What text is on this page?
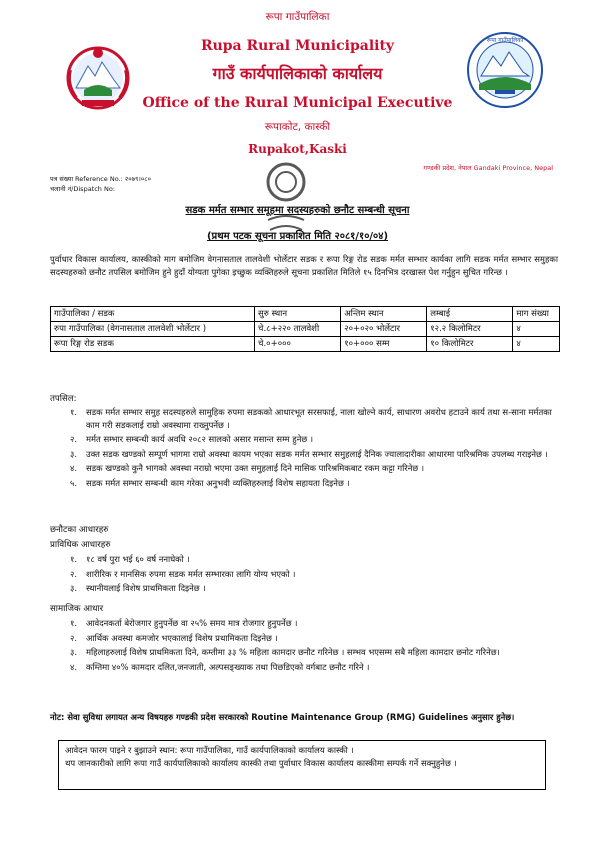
रूपा गाउँपालिका
Rupa Rural Municipality
गाउँ कार्यपालिकाको कार्यालय
Office of the Rural Municipal Executive
रूपाकोट, कास्की
Rupakot,Kaski
रूपा गाउँपालिका
गण्डकी प्रदेश, नेपाल Gandaki Province, Nepal
पत्र संख्या Reference No.: २०७९।०८०
चलानी नं/Dispatch No:
सडक मर्मत सम्भार समूहमा सदस्यहरुको छनौट सम्बन्धी सूचना
(प्रथम पटक सूचना प्रकाशित मिति २०८१/१०/०४)
पुर्वाधार विकास कार्यालय, कास्कीको माग बमोजिम वेगनासताल तालवेशी भोर्लेटार सडक र रूपा रिङ्ग रोड सडक मर्मत सम्भार कार्यका लागि सडक मर्मत सम्भार समुहका सदस्यहरुको छनौट तपसिल बमोजिम हुने हुदाँ योग्यता पुगेका इच्छुक व्यक्तिहरुले सूचना प्रकाशित मितिले १५ दिनभित्र दरखास्त पेश गर्नुहुन सुचित गरिन्छ ।
गाउँपालिका / सडक	सुरु स्थान	अन्तिम स्थान	लम्बाई	माग संख्या
रुपा गाउँपालिका (वेगनासताल तालवेशी भोर्लेटार )	चे.८+२२० तालवेशी	२०+०२० भोर्लेटार	१२.२ किलोमिटर	४
रूपा रिङ्ग रोड सडक	चे.०+०००	१०+००० सम्म	१० किलोमिटर	४
तपसिल:
१. सडक मर्मत सम्भार समुह सदस्यहरुले सामुहिक रुपमा सडकको आधारभूत सरसफाई, नाला खोल्ने कार्य, साधारण अवरोध हटाउने कार्य तथा स-साना मर्मतका काम गरी सडकलाई राम्रो अवस्थामा राख्नुपर्नेछ ।
२. मर्मत सम्भार सम्बन्धी कार्य अवधि २०८२ सालको असार मसान्त सम्म हुनेछ ।
३. उक्त सडक खण्डको सम्पूर्ण भागमा राम्रो अवस्था कायम भएका सडक मर्मत सम्भार समुहलाई दैनिक ज्यालादारीका आधारमा पारिश्रमिक उपलब्ध गराइनेछ ।
४. सडक खण्डको कुनै भागको अवस्था नराम्रो भएमा उक्त समुहलाई दिने मासिक पारिश्रमिकबाट रकम कट्टा गरिनेछ ।
५. सडक मर्मत सम्भार सम्बन्धी काम गरेका अनुभवी व्यक्तिहरुलाई विशेष सहायता दिइनेछ ।
छनौटका आधारहरु
प्राविधिक आधारहरु
१. १८ वर्ष पुरा भई ६० वर्ष ननाघेको ।
२. शारीरिक र मानसिक रुपमा सडक मर्मत सम्भारका लागि योग्य भएको ।
३. स्थानीयलाई विशेष प्राथमिकता दिइनेछ ।
सामाजिक आधार
१. आवेदनकर्ता बेरोजगार हुनुपर्नेछ वा २५% समय मात्र रोजगार हुनुपर्नेछ ।
२. आर्थिक अवस्था कमजोर भएकालाई विशेष प्रथामिकता दिइनेछ ।
३. महिलाहरुलाई विशेष प्राथमिकता दिने, कम्तीमा ३३ % महिला कामदार छनौट गरिनेछ । सम्भव भएसम्म सबै महिला कामदार छनोट गरिनेछ।
४. कम्तिमा ४०% कामदार दलित,जनजाती, अल्पसङ्ख्याक तथा पिछडिएको वर्गबाट छनौट गरिने ।
नोट: सेवा सुविधा लगायत अन्य विषयहरु गण्डकी प्रदेश सरकारको Routine Maintenance Group (RMG) Guidelines अनुसार हुनेछ।
आवेदन फारम पाइने र बुझाउने स्थान: रूपा गाउँपालिका, गाउँ कार्यपालिकाको कार्यालय कास्की ।
थप जानकारीको लागि रूपा गाउँ कार्यपालिकाको कार्यालय कास्की तथा पुर्वाधार विकास कार्यालय कास्कीमा सम्पर्क गर्ने सक्नुहुनेछ ।
